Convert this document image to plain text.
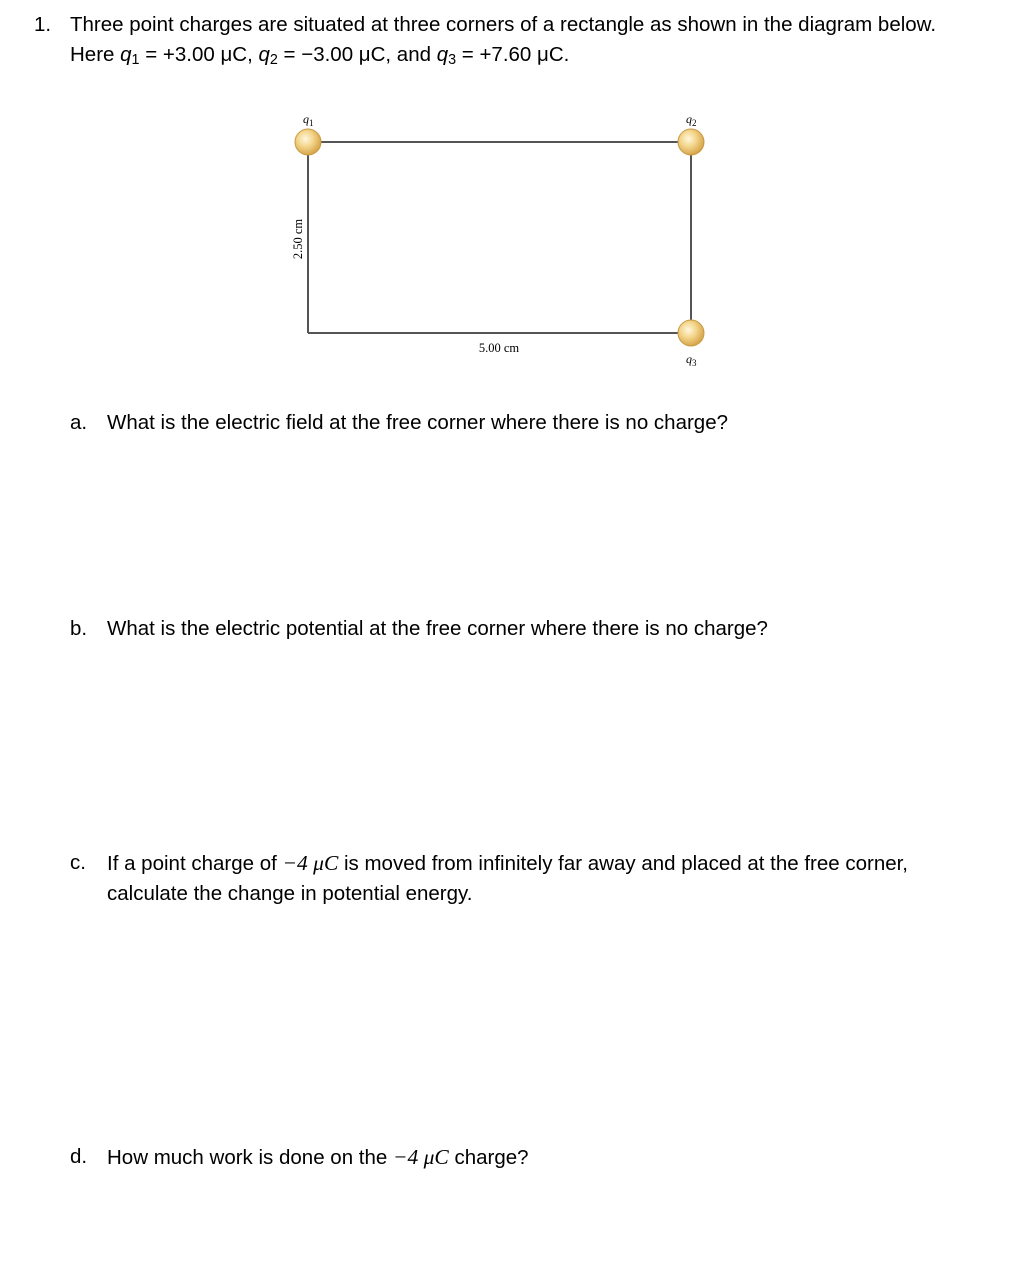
1. Three point charges are situated at three corners of a rectangle as shown in the diagram below. Here $q_1 = +3.00$ μC, $q_2 = -3.00$ μC, and $q_3 = +7.60$ μC.
$q_1$	$q_2$
$q_3$
5.00 cm
2.50 cm
a. What is the electric field at the free corner where there is no charge?
b. What is the electric potential at the free corner where there is no charge?
c. If a point charge of −4 μC is moved from infinitely far away and placed at the free corner, calculate the change in potential energy.
d. How much work is done on the −4 μC charge?
